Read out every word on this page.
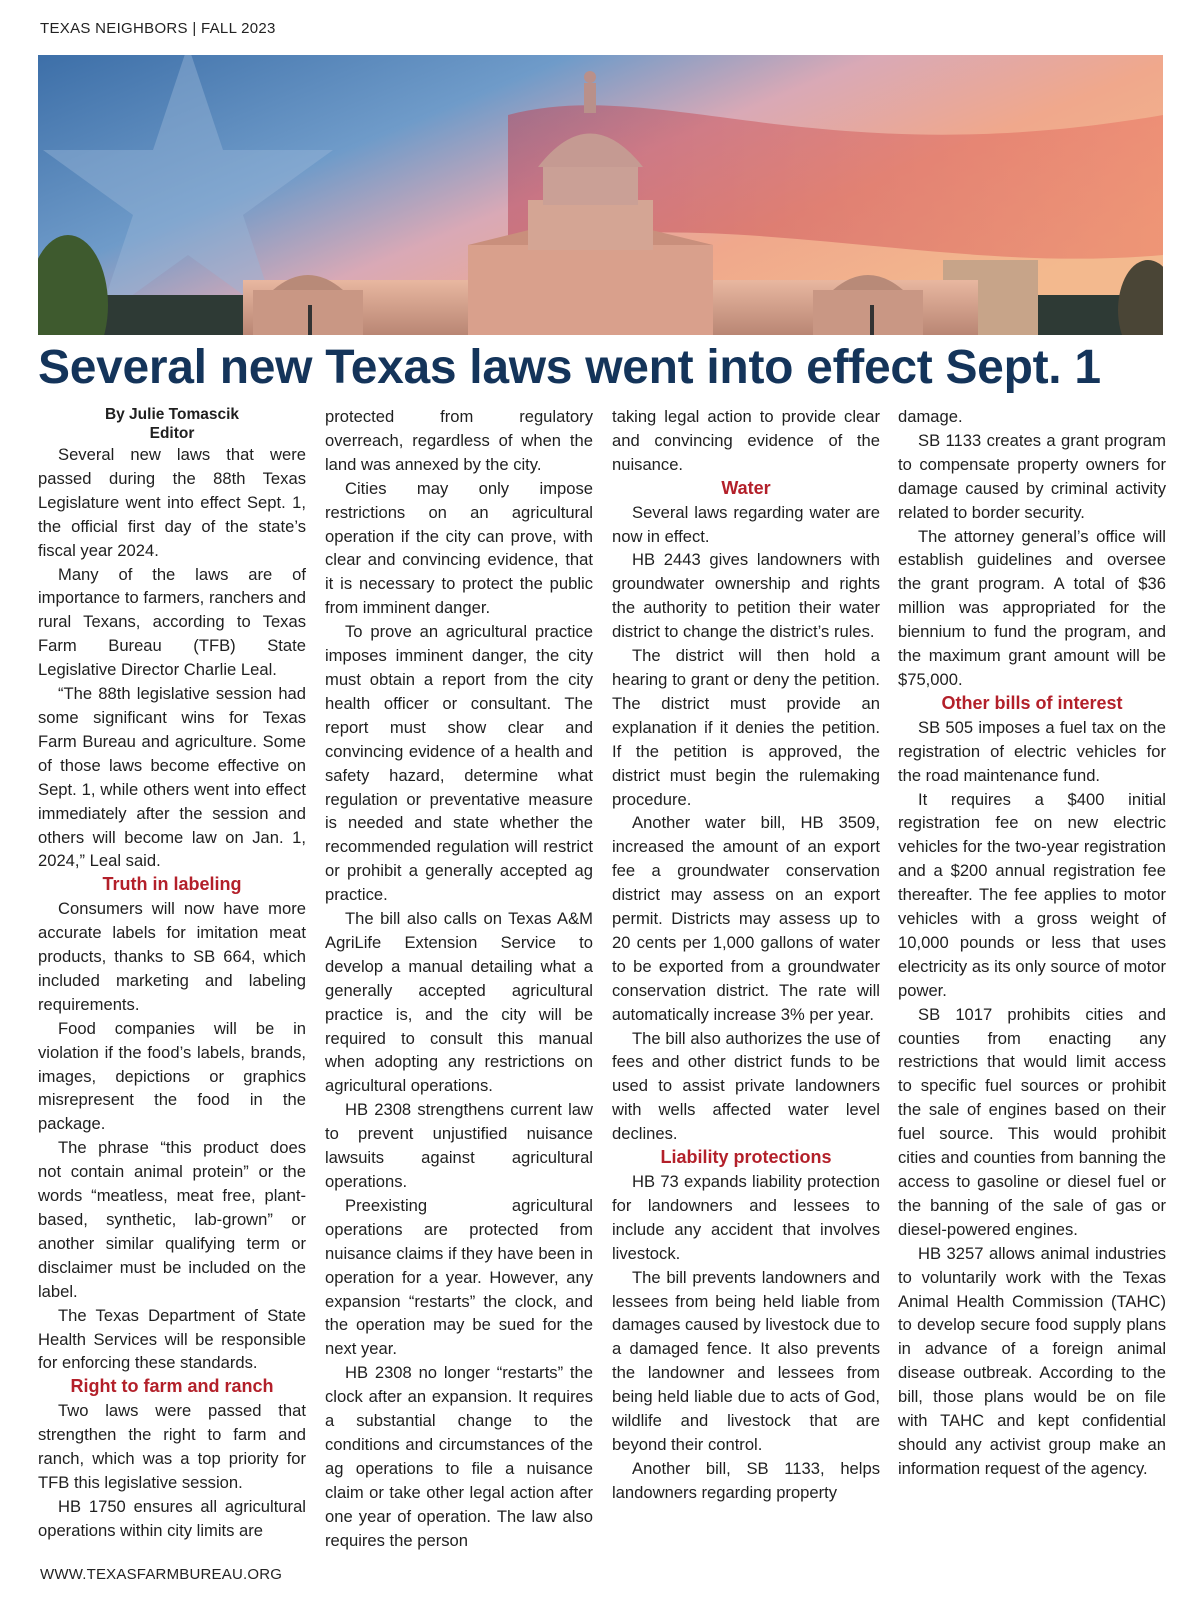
TEXAS NEIGHBORS | FALL 2023
Several new Texas laws went into effect Sept. 1
By Julie Tomascik
Editor

Several new laws that were passed during the 88th Texas Legislature went into effect Sept. 1, the official first day of the state’s fiscal year 2024.

Many of the laws are of importance to farmers, ranchers and rural Texans, according to Texas Farm Bureau (TFB) State Legislative Director Charlie Leal.

“The 88th legislative session had some significant wins for Texas Farm Bureau and agriculture. Some of those laws become effective on Sept. 1, while others went into effect immediately after the session and others will become law on Jan. 1, 2024,” Leal said.

Truth in labeling

Consumers will now have more accurate labels for imitation meat products, thanks to SB 664, which included marketing and labeling requirements.

Food companies will be in violation if the food’s labels, brands, images, depictions or graphics misrepresent the food in the package.

The phrase “this product does not contain animal protein” or the words “meatless, meat free, plant-based, synthetic, lab-grown” or another similar qualifying term or disclaimer must be included on the label.

The Texas Department of State Health Services will be responsible for enforcing these standards.

Right to farm and ranch

Two laws were passed that strengthen the right to farm and ranch, which was a top priority for TFB this legislative session.

HB 1750 ensures all agricultural operations within city limits are

protected from regulatory overreach, regardless of when the land was annexed by the city.

Cities may only impose restrictions on an agricultural operation if the city can prove, with clear and convincing evidence, that it is necessary to protect the public from imminent danger.

To prove an agricultural practice imposes imminent danger, the city must obtain a report from the city health officer or consultant. The report must show clear and convincing evidence of a health and safety hazard, determine what regulation or preventative measure is needed and state whether the recommended regulation will restrict or prohibit a generally accepted ag practice.

The bill also calls on Texas A&M AgriLife Extension Service to develop a manual detailing what a generally accepted agricultural practice is, and the city will be required to consult this manual when adopting any restrictions on agricultural operations.

HB 2308 strengthens current law to prevent unjustified nuisance lawsuits against agricultural operations.

Preexisting agricultural operations are protected from nuisance claims if they have been in operation for a year. However, any expansion “restarts” the clock, and the operation may be sued for the next year.

HB 2308 no longer “restarts” the clock after an expansion. It requires a substantial change to the conditions and circumstances of the ag operations to file a nuisance claim or take other legal action after one year of operation. The law also requires the person

taking legal action to provide clear and convincing evidence of the nuisance.

Water

Several laws regarding water are now in effect.

HB 2443 gives landowners with groundwater ownership and rights the authority to petition their water district to change the district’s rules.

The district will then hold a hearing to grant or deny the petition. The district must provide an explanation if it denies the petition. If the petition is approved, the district must begin the rulemaking procedure.

Another water bill, HB 3509, increased the amount of an export fee a groundwater conservation district may assess on an export permit. Districts may assess up to 20 cents per 1,000 gallons of water to be exported from a groundwater conservation district. The rate will automatically increase 3% per year.

The bill also authorizes the use of fees and other district funds to be used to assist private landowners with wells affected water level declines.

Liability protections

HB 73 expands liability protection for landowners and lessees to include any accident that involves livestock.

The bill prevents landowners and lessees from being held liable from damages caused by livestock due to a damaged fence. It also prevents the landowner and lessees from being held liable due to acts of God, wildlife and livestock that are beyond their control.

Another bill, SB 1133, helps landowners regarding property

damage.

SB 1133 creates a grant program to compensate property owners for damage caused by criminal activity related to border security.

The attorney general’s office will establish guidelines and oversee the grant program. A total of $36 million was appropriated for the biennium to fund the program, and the maximum grant amount will be $75,000.

Other bills of interest

SB 505 imposes a fuel tax on the registration of electric vehicles for the road maintenance fund.

It requires a $400 initial registration fee on new electric vehicles for the two-year registration and a $200 annual registration fee thereafter. The fee applies to motor vehicles with a gross weight of 10,000 pounds or less that uses electricity as its only source of motor power.

SB 1017 prohibits cities and counties from enacting any restrictions that would limit access to specific fuel sources or prohibit the sale of engines based on their fuel source. This would prohibit cities and counties from banning the access to gasoline or diesel fuel or the banning of the sale of gas or diesel-powered engines.

HB 3257 allows animal industries to voluntarily work with the Texas Animal Health Commission (TAHC) to develop secure food supply plans in advance of a foreign animal disease outbreak. According to the bill, those plans would be on file with TAHC and kept confidential should any activist group make an information request of the agency.

WWW.TEXASFARMBUREAU.ORG
